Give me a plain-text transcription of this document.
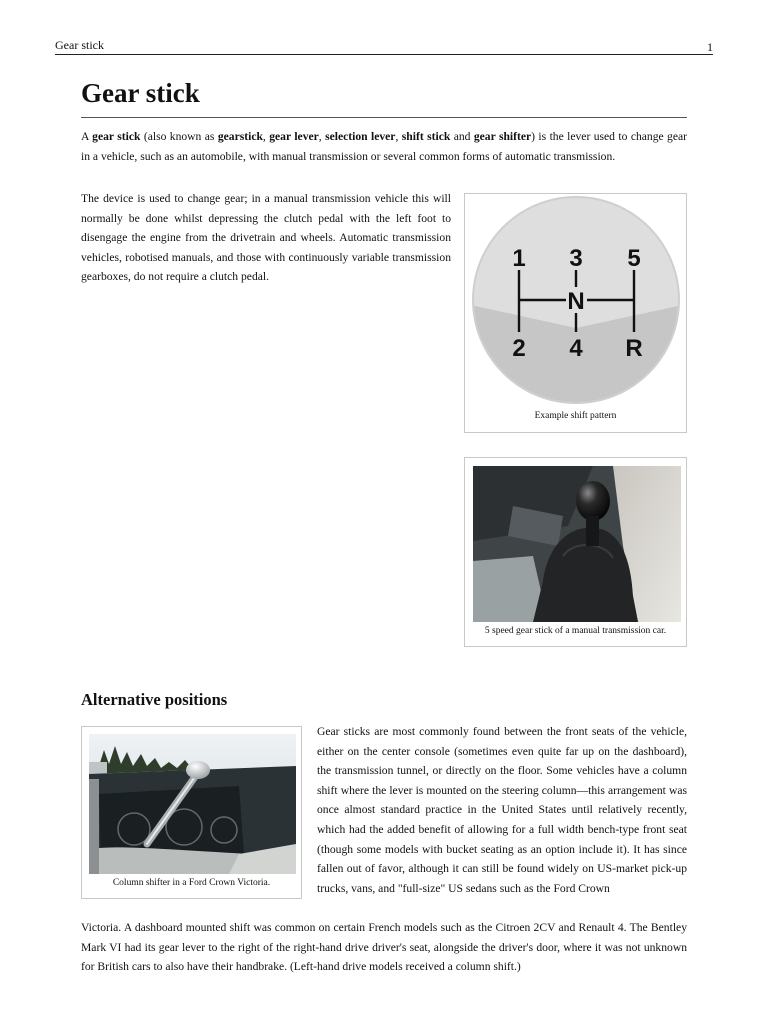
Gear stick	1
Gear stick

A gear stick (also known as gearstick, gear lever, selection lever, shift stick and gear shifter) is the lever used to change gear in a vehicle, such as an automobile, with manual transmission or several common forms of automatic transmission.

The device is used to change gear; in a manual transmission vehicle this will normally be done whilst depressing the clutch pedal with the left foot to disengage the engine from the drivetrain and wheels. Automatic transmission vehicles, robotised manuals, and those with continuously variable transmission gearboxes, do not require a clutch pedal.

1 3 5
N
2 4 R
Example shift pattern
5 speed gear stick of a manual transmission car.
Alternative positions
Column shifter in a Ford Crown Victoria.

Gear sticks are most commonly found between the front seats of the vehicle, either on the center console (sometimes even quite far up on the dashboard), the transmission tunnel, or directly on the floor. Some vehicles have a column shift where the lever is mounted on the steering column—this arrangement was once almost standard practice in the United States until relatively recently, which had the added benefit of allowing for a full width bench-type front seat (though some models with bucket seating as an option include it). It has since fallen out of favor, although it can still be found widely on US-market pick-up trucks, vans, and "full-size" US sedans such as the Ford Crown

Victoria. A dashboard mounted shift was common on certain French models such as the Citroen 2CV and Renault 4. The Bentley Mark VI had its gear lever to the right of the right-hand drive driver's seat, alongside the driver's door, where it was not unknown for British cars to also have their handbrake. (Left-hand drive models received a column shift.)
